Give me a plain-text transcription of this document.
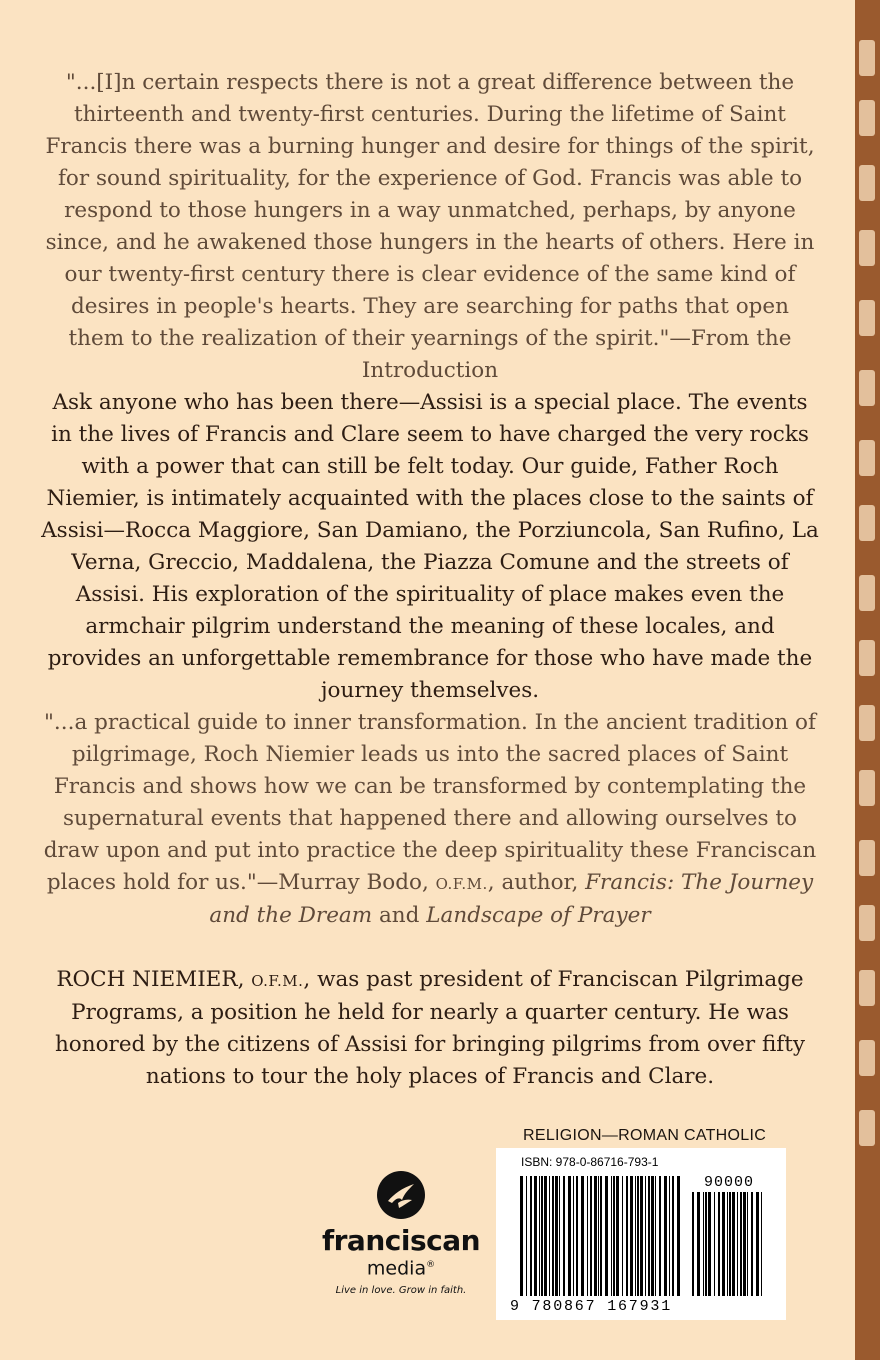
"...[I]n certain respects there is not a great difference between the thirteenth and twenty-first centuries. During the lifetime of Saint Francis there was a burning hunger and desire for things of the spirit, for sound spirituality, for the experience of God. Francis was able to respond to those hungers in a way unmatched, perhaps, by anyone since, and he awakened those hungers in the hearts of others. Here in our twenty-first century there is clear evidence of the same kind of desires in people's hearts. They are searching for paths that open them to the realization of their yearnings of the spirit."—From the Introduction

Ask anyone who has been there—Assisi is a special place. The events in the lives of Francis and Clare seem to have charged the very rocks with a power that can still be felt today. Our guide, Father Roch Niemier, is intimately acquainted with the places close to the saints of Assisi—Rocca Maggiore, San Damiano, the Porziuncola, San Rufino, La Verna, Greccio, Maddalena, the Piazza Comune and the streets of Assisi. His exploration of the spirituality of place makes even the armchair pilgrim understand the meaning of these locales, and provides an unforgettable remembrance for those who have made the journey themselves.

"...a practical guide to inner transformation. In the ancient tradition of pilgrimage, Roch Niemier leads us into the sacred places of Saint Francis and shows how we can be transformed by contemplating the supernatural events that happened there and allowing ourselves to draw upon and put into practice the deep spirituality these Franciscan places hold for us."—Murray Bodo, O.F.M., author, Francis: The Journey and the Dream and Landscape of Prayer

ROCH NIEMIER, O.F.M., was past president of Franciscan Pilgrimage Programs, a position he held for nearly a quarter century. He was honored by the citizens of Assisi for bringing pilgrims from over fifty nations to tour the holy places of Francis and Clare.

franciscan
media®
Live in love. Grow in faith.
RELIGION—ROMAN CATHOLIC
ISBN: 978-0-86716-793-1
90000
9 780867 167931
